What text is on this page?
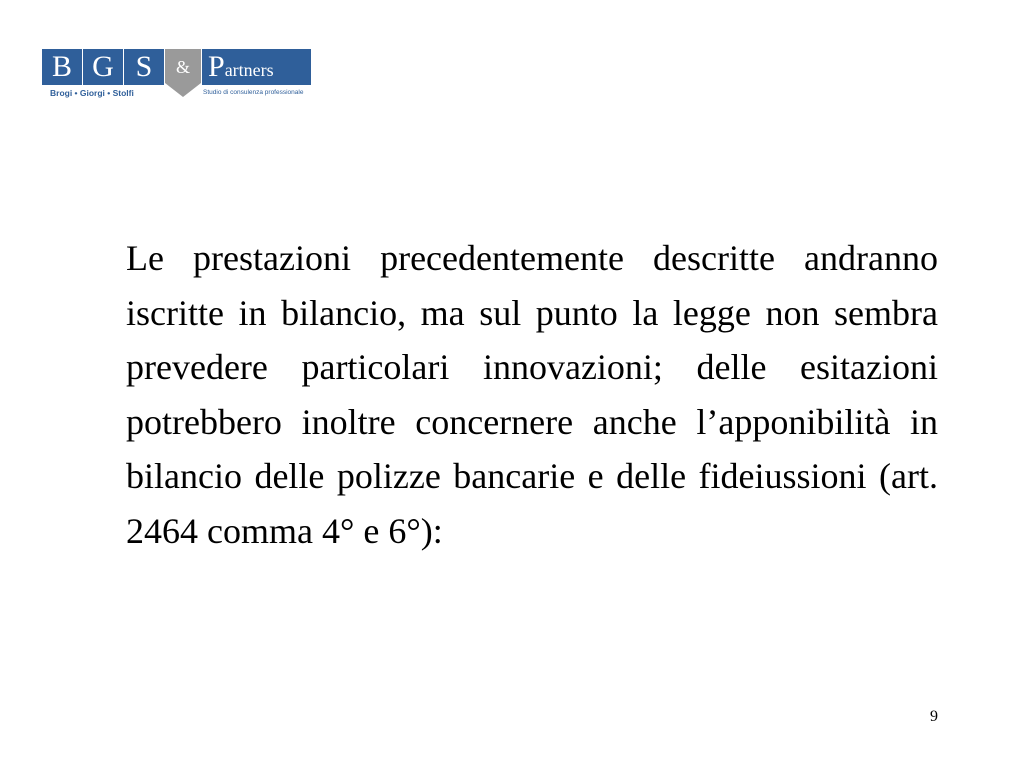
B G S	& Partners
Brogi • Giorgi • Stolfi	Studio di consulenza professionale

Le prestazioni precedentemente descritte andranno iscritte in bilancio, ma sul punto la legge non sembra prevedere particolari innovazioni; delle esitazioni potrebbero inoltre concernere anche l’apponibilità in bilancio delle polizze bancarie e delle fideiussioni (art. 2464 comma 4° e 6°):

9
